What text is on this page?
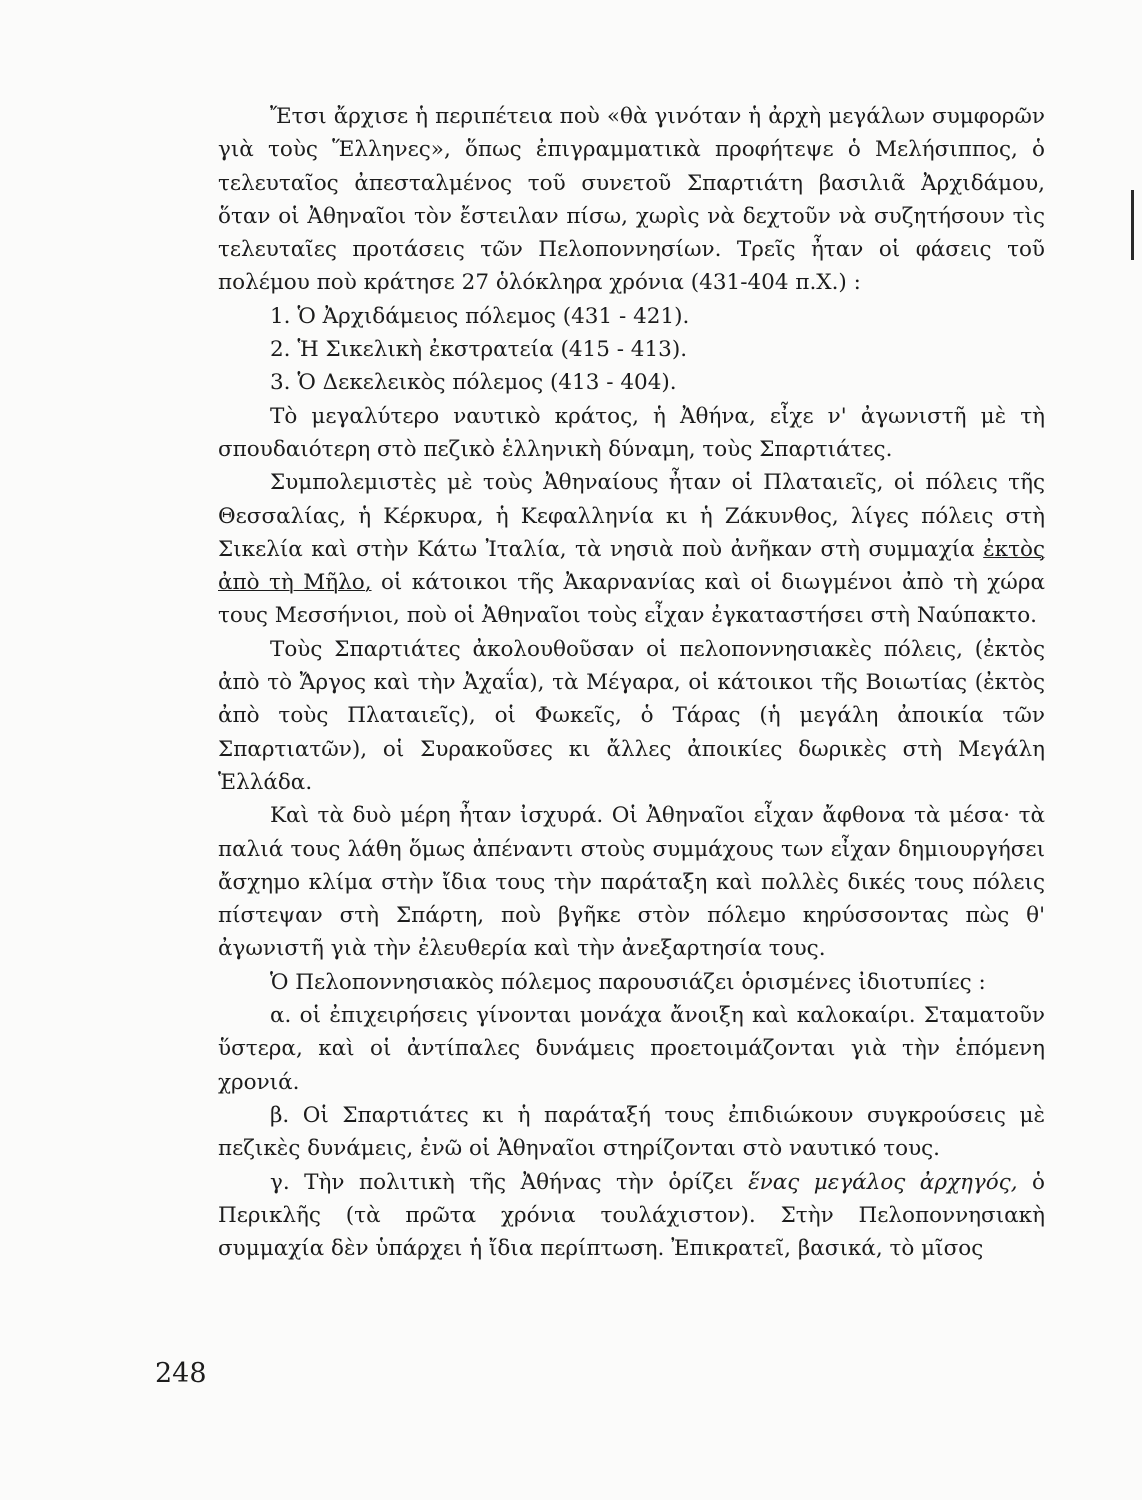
Ἔτσι ἄρχισε ἡ περιπέτεια ποὺ «θὰ γινόταν ἡ ἀρχὴ μεγάλων συμφορῶν γιὰ τοὺς Ἕλληνες», ὅπως ἐπιγραμματικὰ προφήτεψε ὁ Μελήσιππος, ὁ τελευταῖος ἀπεσταλμένος τοῦ συνετοῦ Σπαρτιάτη βασιλιᾶ Ἀρχιδάμου, ὅταν οἱ Ἀθηναῖοι τὸν ἔστειλαν πίσω, χωρὶς νὰ δεχτοῦν νὰ συζητήσουν τὶς τελευταῖες προτάσεις τῶν Πελοποννησίων. Τρεῖς ἦταν οἱ φάσεις τοῦ πολέμου ποὺ κράτησε 27 ὁλόκληρα χρόνια (431-404 π.Χ.) :

1. Ὁ Ἀρχιδάμειος πόλεμος (431 - 421).

2. Ἡ Σικελικὴ ἐκστρατεία (415 - 413).

3. Ὁ Δεκελεικὸς πόλεμος (413 - 404).

Τὸ μεγαλύτερο ναυτικὸ κράτος, ἡ Ἀθήνα, εἶχε ν' ἀγωνιστῆ μὲ τὴ σπουδαιότερη στὸ πεζικὸ ἑλληνικὴ δύναμη, τοὺς Σπαρτιάτες.

Συμπολεμιστὲς μὲ τοὺς Ἀθηναίους ἦταν οἱ Πλαταιεῖς, οἱ πόλεις τῆς Θεσσαλίας, ἡ Κέρκυρα, ἡ Κεφαλληνία κι ἡ Ζάκυνθος, λίγες πόλεις στὴ Σικελία καὶ στὴν Κάτω Ἰταλία, τὰ νησιὰ ποὺ ἀνῆκαν στὴ συμμαχία ἐκτὸς ἀπὸ τὴ Μῆλο, οἱ κάτοικοι τῆς Ἀκαρνανίας καὶ οἱ διωγμένοι ἀπὸ τὴ χώρα τους Μεσσήνιοι, ποὺ οἱ Ἀθηναῖοι τοὺς εἶχαν ἐγκαταστήσει στὴ Ναύπακτο.

Τοὺς Σπαρτιάτες ἀκολουθοῦσαν οἱ πελοποννησιακὲς πόλεις, (ἐκτὸς ἀπὸ τὸ Ἄργος καὶ τὴν Ἀχαΐα), τὰ Μέγαρα, οἱ κάτοικοι τῆς Βοιωτίας (ἐκτὸς ἀπὸ τοὺς Πλαταιεῖς), οἱ Φωκεῖς, ὁ Τάρας (ἡ μεγάλη ἀποικία τῶν Σπαρτιατῶν), οἱ Συρακοῦσες κι ἄλλες ἀποικίες δωρικὲς στὴ Μεγάλη Ἑλλάδα.

Καὶ τὰ δυὸ μέρη ἦταν ἰσχυρά. Οἱ Ἀθηναῖοι εἶχαν ἄφθονα τὰ μέσα· τὰ παλιά τους λάθη ὅμως ἀπέναντι στοὺς συμμάχους των εἶχαν δημιουργήσει ἄσχημο κλίμα στὴν ἴδια τους τὴν παράταξη καὶ πολλὲς δικές τους πόλεις πίστεψαν στὴ Σπάρτη, ποὺ βγῆκε στὸν πόλεμο κηρύσσοντας πὼς θ' ἀγωνιστῆ γιὰ τὴν ἐλευθερία καὶ τὴν ἀνεξαρτησία τους.

Ὁ Πελοποννησιακὸς πόλεμος παρουσιάζει ὁρισμένες ἰδιοτυπίες :

α. οἱ ἐπιχειρήσεις γίνονται μονάχα ἄνοιξη καὶ καλοκαίρι. Σταματοῦν ὕστερα, καὶ οἱ ἀντίπαλες δυνάμεις προετοιμάζονται γιὰ τὴν ἑπόμενη χρονιά.

β. Οἱ Σπαρτιάτες κι ἡ παράταξή τους ἐπιδιώκουν συγκρούσεις μὲ πεζικὲς δυνάμεις, ἐνῶ οἱ Ἀθηναῖοι στηρίζονται στὸ ναυτικό τους.

γ. Τὴν πολιτικὴ τῆς Ἀθήνας τὴν ὁρίζει ἕνας μεγάλος ἀρχηγός, ὁ Περικλῆς (τὰ πρῶτα χρόνια τουλάχιστον). Στὴν Πελοποννησιακὴ συμμαχία δὲν ὑπάρχει ἡ ἴδια περίπτωση. Ἐπικρατεῖ, βασικά, τὸ μῖσος

248
